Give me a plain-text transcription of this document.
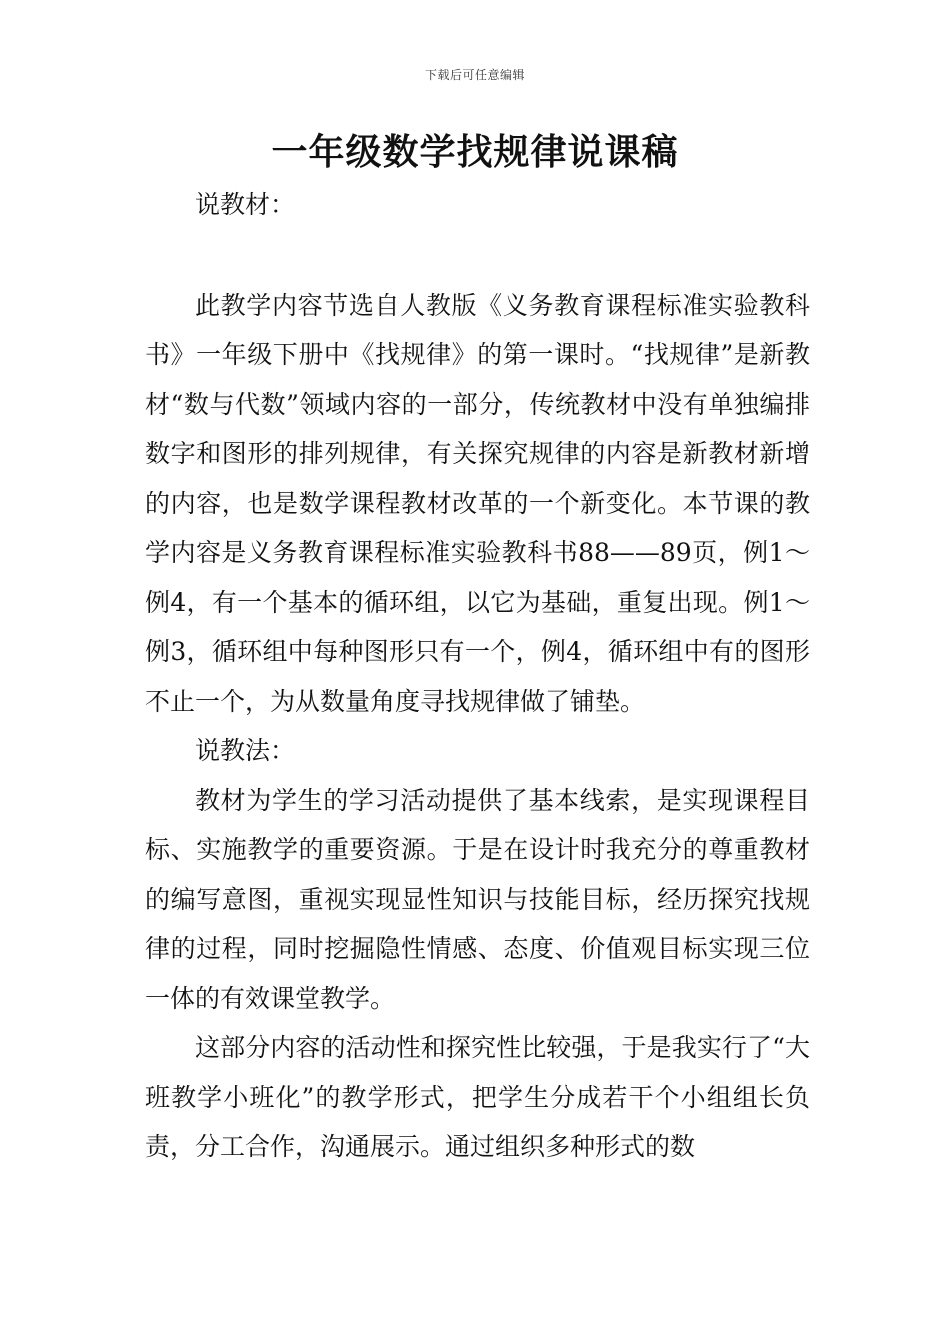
下载后可任意编辑
一年级数学找规律说课稿

说教材：

此教学内容节选自人教版《义务教育课程标准实验教科书》一年级下册中《找规律》的第一课时。“找规律”是新教材“数与代数”领域内容的一部分，传统教材中没有单独编排数字和图形的排列规律，有关探究规律的内容是新教材新增的内容，也是数学课程教材改革的一个新变化。本节课的教学内容是义务教育课程标准实验教科书88——89页，例1～例4，有一个基本的循环组，以它为基础，重复出现。例1～例3，循环组中每种图形只有一个，例4，循环组中有的图形不止一个，为从数量角度寻找规律做了铺垫。

说教法：

教材为学生的学习活动提供了基本线索，是实现课程目标、实施教学的重要资源。于是在设计时我充分的尊重教材的编写意图，重视实现显性知识与技能目标，经历探究找规律的过程，同时挖掘隐性情感、态度、价值观目标实现三位一体的有效课堂教学。

这部分内容的活动性和探究性比较强，于是我实行了“大班教学小班化”的教学形式，把学生分成若干个小组组长负责，分工合作，沟通展示。通过组织多种形式的数
